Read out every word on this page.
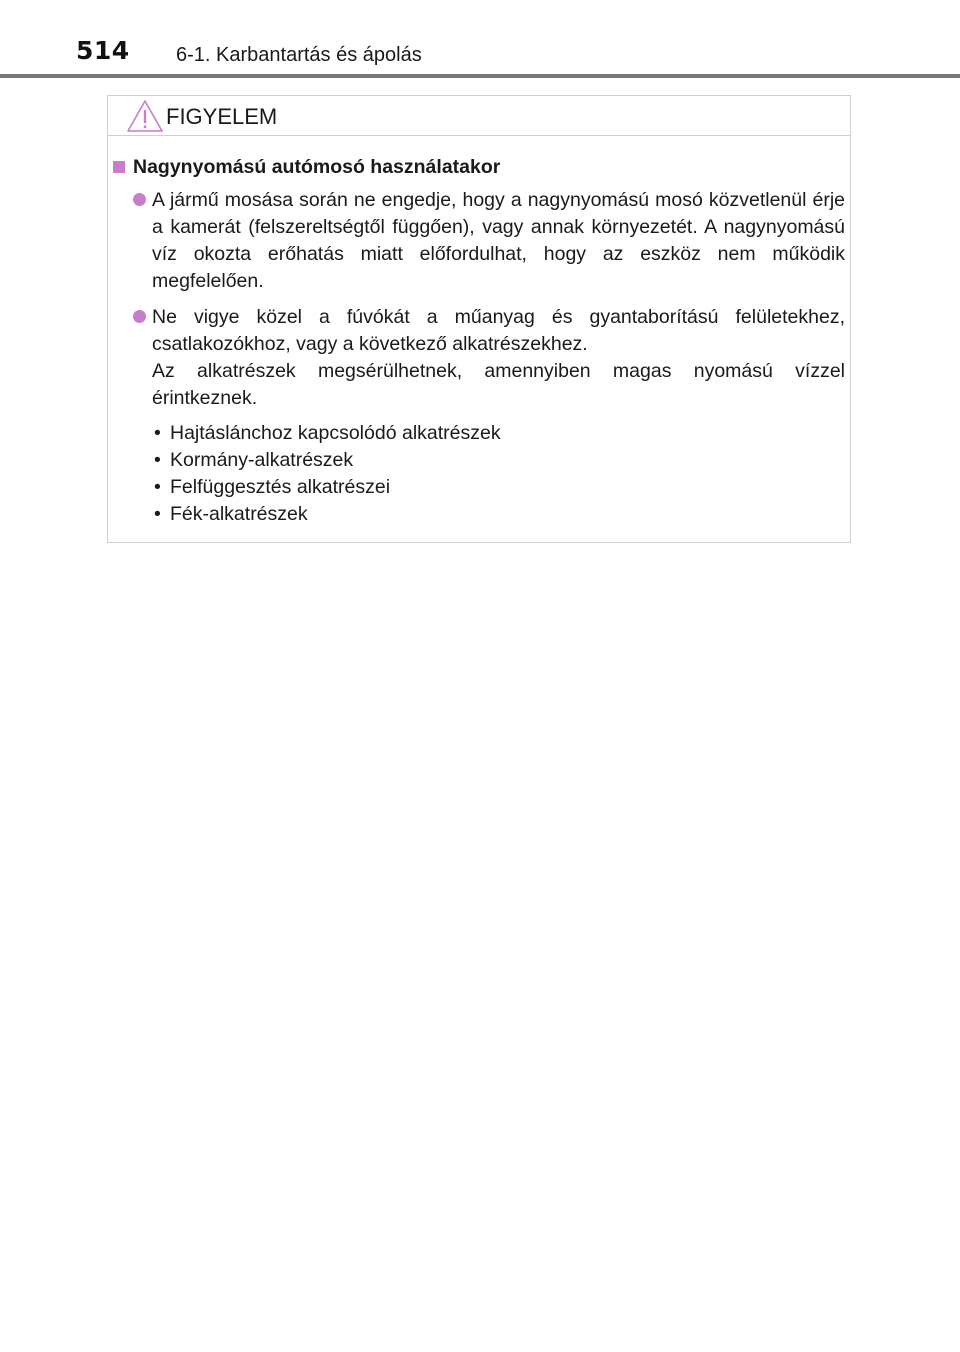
514 6-1. Karbantartás és ápolás
FIGYELEM
Nagynyomású autómosó használatakor

A jármű mosása során ne engedje, hogy a nagynyomású mosó közvetlenül érje a kamerát (felszereltségtől függően), vagy annak környezetét. A nagynyomású víz okozta erőhatás miatt előfordulhat, hogy az eszköz nem működik megfelelően.

Ne vigye közel a fúvókát a műanyag és gyantaborítású felületekhez, csatlakozókhoz, vagy a következő alkatrészekhez.

Az alkatrészek megsérülhetnek, amennyiben magas nyomású vízzel érintkeznek.

• Hajtásláncho​z kapcsolódó alkatrészek
• Kormány-alkatrészek
• Felfüggesztés alkatrészei
• Fék-alkatrészek
